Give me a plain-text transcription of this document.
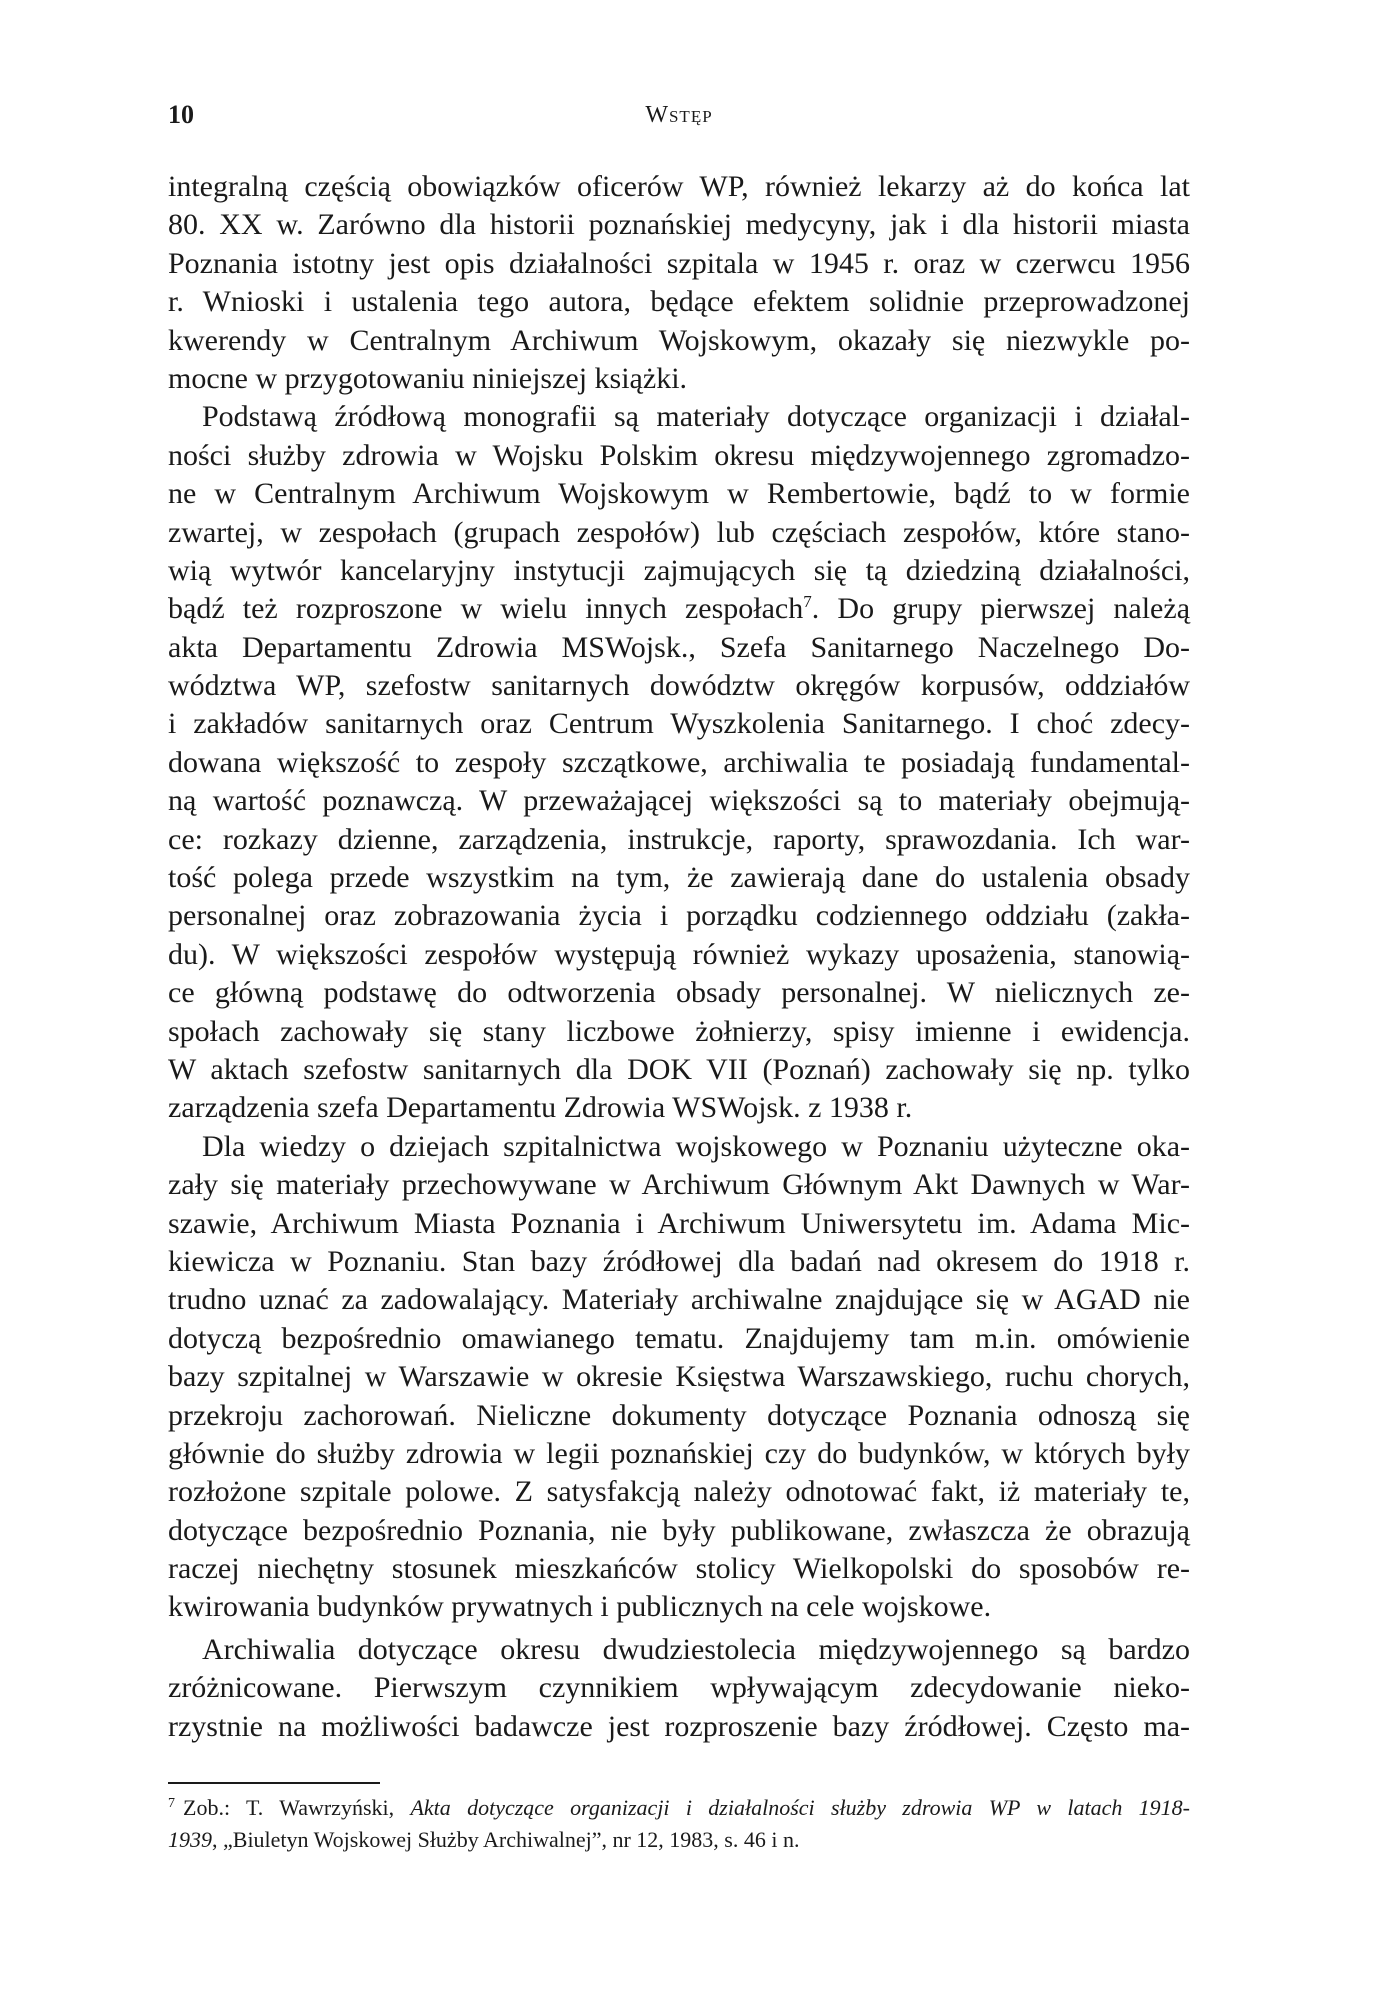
10	Wstęp
integralną częścią obowiązków oficerów WP, również lekarzy aż do końca lat
80. XX w. Zarówno dla historii poznańskiej medycyny, jak i dla historii miasta
Poznania istotny jest opis działalności szpitala w 1945 r. oraz w czerwcu 1956
r. Wnioski i ustalenia tego autora, będące efektem solidnie przeprowadzonej
kwerendy w Centralnym Archiwum Wojskowym, okazały się niezwykle po-
mocne w przygotowaniu niniejszej książki.
Podstawą źródłową monografii są materiały dotyczące organizacji i działal-
ności służby zdrowia w Wojsku Polskim okresu międzywojennego zgromadzo-
ne w Centralnym Archiwum Wojskowym w Rembertowie, bądź to w formie
zwartej, w zespołach (grupach zespołów) lub częściach zespołów, które stano-
wią wytwór kancelaryjny instytucji zajmujących się tą dziedziną działalności,
bądź też rozproszone w wielu innych zespołach$^7$. Do grupy pierwszej należą
akta Departamentu Zdrowia MSWojsk., Szefa Sanitarnego Naczelnego Do-
wództwa WP, szefostw sanitarnych dowództw okręgów korpusów, oddziałów
i zakładów sanitarnych oraz Centrum Wyszkolenia Sanitarnego. I choć zdecy-
dowana większość to zespoły szczątkowe, archiwalia te posiadają fundamental-
ną wartość poznawczą. W przeważającej większości są to materiały obejmują-
ce: rozkazy dzienne, zarządzenia, instrukcje, raporty, sprawozdania. Ich war-
tość polega przede wszystkim na tym, że zawierają dane do ustalenia obsady
personalnej oraz zobrazowania życia i porządku codziennego oddziału (zakła-
du). W większości zespołów występują również wykazy uposażenia, stanowią-
ce główną podstawę do odtworzenia obsady personalnej. W nielicznych ze-
społach zachowały się stany liczbowe żołnierzy, spisy imienne i ewidencja.
W aktach szefostw sanitarnych dla DOK VII (Poznań) zachowały się np. tylko
zarządzenia szefa Departamentu Zdrowia WSWojsk. z 1938 r.
Dla wiedzy o dziejach szpitalnictwa wojskowego w Poznaniu użyteczne oka-
zały się materiały przechowywane w Archiwum Głównym Akt Dawnych w War-
szawie, Archiwum Miasta Poznania i Archiwum Uniwersytetu im. Adama Mic-
kiewicza w Poznaniu. Stan bazy źródłowej dla badań nad okresem do 1918 r.
trudno uznać za zadowalający. Materiały archiwalne znajdujące się w AGAD nie
dotyczą bezpośrednio omawianego tematu. Znajdujemy tam m.in. omówienie
bazy szpitalnej w Warszawie w okresie Księstwa Warszawskiego, ruchu chorych,
przekroju zachorowań. Nieliczne dokumenty dotyczące Poznania odnoszą się
głównie do służby zdrowia w legii poznańskiej czy do budynków, w których były
rozłożone szpitale polowe. Z satysfakcją należy odnotować fakt, iż materiały te,
dotyczące bezpośrednio Poznania, nie były publikowane, zwłaszcza że obrazują
raczej niechętny stosunek mieszkańców stolicy Wielkopolski do sposobów re-
kwirowania budynków prywatnych i publicznych na cele wojskowe.
Archiwalia dotyczące okresu dwudziestolecia międzywojennego są bardzo
zróżnicowane. Pierwszym czynnikiem wpływającym zdecydowanie nieko-
rzystnie na możliwości badawcze jest rozproszenie bazy źródłowej. Często ma-
$^7$ Zob.: T. Wawrzyński, Akta dotyczące organizacji i działalności służby zdrowia WP w latach 1918-
1939, „Biuletyn Wojskowej Służby Archiwalnej”, nr 12, 1983, s. 46 i n.
